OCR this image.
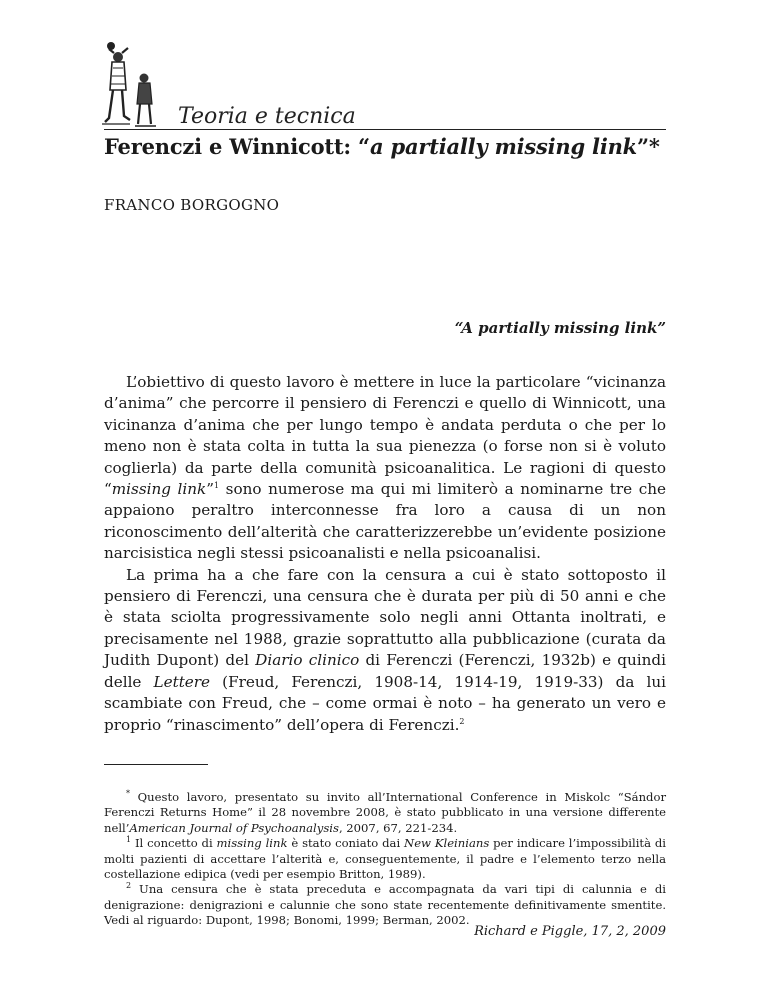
Teoria e tecnica
Ferenczi e Winnicott: “a partially missing link”*
FRANCO BORGOGNO
“A partially missing link”

L’obiettivo di questo lavoro è mettere in luce la particolare “vicinanza d’anima” che percorre il pensiero di Ferenczi e quello di Winnicott, una vicinanza d’anima che per lungo tempo è andata perduta o che per lo meno non è stata colta in tutta la sua pienezza (o forse non si è voluto coglierla) da parte della comunità psicoanalitica. Le ragioni di questo “missing link”$^1$ sono numerose ma qui mi limiterò a nominarne tre che appaiono peraltro interconnesse fra loro a causa di un non riconoscimento dell’alterità che caratterizzerebbe un’evidente posizione narcisistica negli stessi psicoanalisti e nella psicoanalisi.

La prima ha a che fare con la censura a cui è stato sottoposto il pensiero di Ferenczi, una censura che è durata per più di 50 anni e che è stata sciolta progressivamente solo negli anni Ottanta inoltrati, e precisamente nel 1988, grazie soprattutto alla pubblicazione (curata da Judith Dupont) del Diario clinico di Ferenczi (Ferenczi, 1932b) e quindi delle Lettere (Freud, Ferenczi, 1908-14, 1914-19, 1919-33) da lui scambiate con Freud, che – come ormai è noto – ha generato un vero e proprio “rinascimento” dell’opera di Ferenczi.$^2$

* Questo lavoro, presentato su invito all’International Conference in Miskolc “Sándor Ferenczi Returns Home” il 28 novembre 2008, è stato pubblicato in una versione differente nell’American Journal of Psychoanalysis, 2007, 67, 221-234.

$^1$ Il concetto di missing link è stato coniato dai New Kleinians per indicare l’impossibilità di molti pazienti di accettare l’alterità e, conseguentemente, il padre e l’elemento terzo nella costellazione edipica (vedi per esempio Britton, 1989).

$^2$ Una censura che è stata preceduta e accompagnata da vari tipi di calunnia e di denigrazione: denigrazioni e calunnie che sono state recentemente definitivamente smentite. Vedi al riguardo: Dupont, 1998; Bonomi, 1999; Berman, 2002.

Richard e Piggle, 17, 2, 2009
